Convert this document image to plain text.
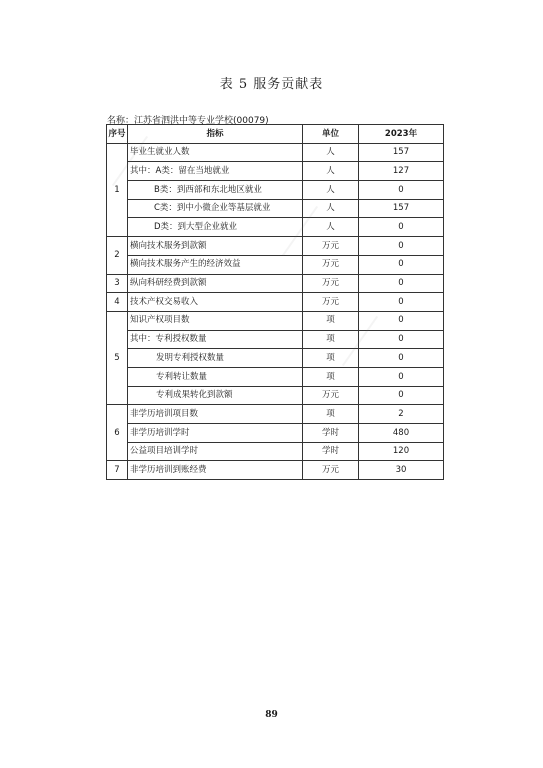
表 5 服务贡献表
名称：江苏省泗洪中等专业学校(00079)
序号	指标	单位	2023年
1	毕业生就业人数	人	157
	其中：A类：留在当地就业	人	127
	B类：到西部和东北地区就业	人	0
	C类：到中小微企业等基层就业	人	157
	D类：到大型企业就业	人	0
2	横向技术服务到款额	万元	0
	横向技术服务产生的经济效益	万元	0
3	纵向科研经费到款额	万元	0
4	技术产权交易收入	万元	0
5	知识产权项目数	项	0
	其中：专利授权数量	项	0
	发明专利授权数量	项	0
	专利转让数量	项	0
	专利成果转化到款额	万元	0
6	非学历培训项目数	项	2
	非学历培训学时	学时	480
	公益项目培训学时	学时	120
7	非学历培训到账经费	万元	30
89
